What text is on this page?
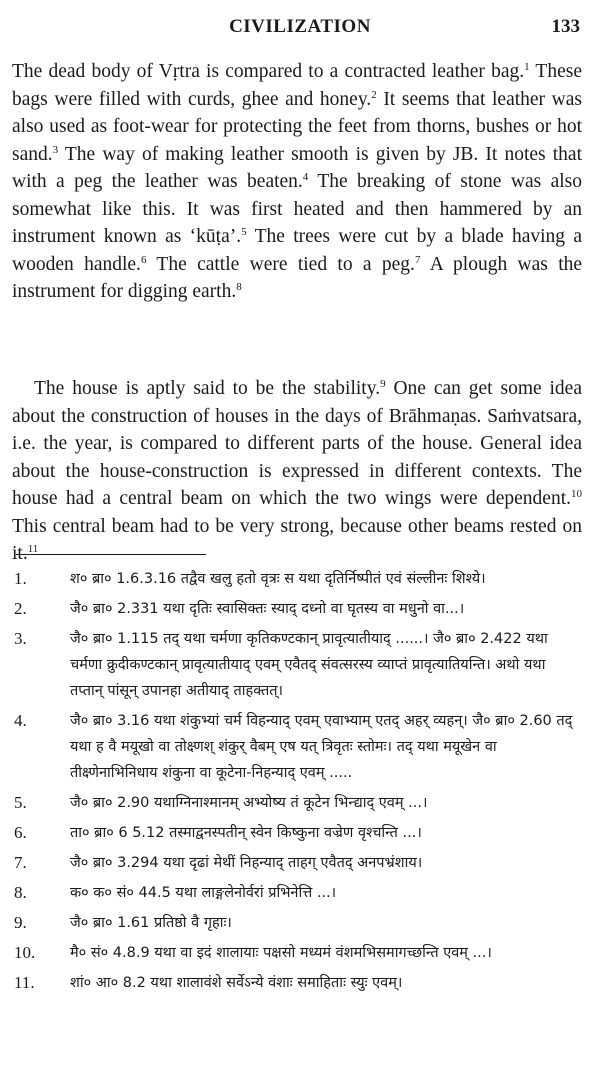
CIVILIZATION	133
The dead body of Vṛtra is compared to a contracted leather bag.$^1$ These bags were filled with curds, ghee and honey.$^2$ It seems that leather was also used as foot-wear for protecting the feet from thorns, bushes or hot sand.$^3$ The way of making leather smooth is given by JB. It notes that with a peg the leather was beaten.$^4$ The breaking of stone was also somewhat like this. It was first heated and then hammered by an instrument known as ‘kūṭa’.$^5$ The trees were cut by a blade having a wooden handle.$^6$ The cattle were tied to a peg.$^7$ A plough was the instrument for digging earth.$^8$
The house is aptly said to be the stability.$^9$ One can get some idea about the construction of houses in the days of Brāhmaṇas. Saṁvatsara, i.e. the year, is compared to different parts of the house. General idea about the house-construction is expressed in different contexts. The house had a central beam on which the two wings were dependent.$^{10}$ This central beam had to be very strong, because other beams rested on it.$^{11}$
1.	श० ब्रा० 1.6.3.16 तद्वैव खलु हतो वृत्रः स यथा दृतिर्निष्पीतं एवं संल्लीनः शिश्ये।
2.	जै० ब्रा० 2.331 यथा दृतिः स्वासिक्तः स्याद् दध्नो वा घृतस्य वा मधुनो वा...।
3.	जै० ब्रा० 1.115 तद् यथा चर्मणा कृतिकण्टकान् प्रावृत्यातीयाद् ......। जै० ब्रा० 2.422 यथा चर्मणा क्रुदीकण्टकान् प्रावृत्यातीयाद् एवम् एवैतद् संवत्सरस्य व्याप्तं प्रावृत्यातियन्ति। अथो यथा तप्तान् पांसून् उपानहा अतीयाद् ताहक्तत्।
4.	जै० ब्रा० 3.16 यथा शंकुभ्यां चर्म विहन्याद् एवम् एवाभ्याम् एतद् अहर् व्यहन्। जै० ब्रा० 2.60 तद् यथा ह वै मयूखो वा तोक्ष्णश् शंकुर् वैबम् एष यत् त्रिवृतः स्तोमः। तद् यथा मयूखेन वा तीक्ष्णेनाभिनिधाय शंकुना वा कूटेना-निहन्याद् एवम् .....
5.	जै० ब्रा० 2.90 यथाग्निनाश्मानम् अभ्योष्य तं कूटेन भिन्द्याद् एवम् ...।
6.	ता० ब्रा० 6 5.12 तस्माद्वनस्पतीन् स्वेन किष्कुना वज्रेण वृश्चन्ति ...।
7.	जै० ब्रा० 3.294 यथा दृढां मेथीं निहन्याद् ताहग् एवैतद् अनपभ्रंशाय।
8.	क० क० सं० 44.5 यथा लाङ्गलेनोर्वरां प्रभिनेत्ति ...।
9.	जै० ब्रा० 1.61 प्रतिष्ठो वै गृहाः।
10.	मै० सं० 4.8.9 यथा वा इदं शालायाः पक्षसो मध्यमं वंशमभिसमागच्छन्ति एवम् ...।
11.	शां० आ० 8.2 यथा शालावंशे सर्वेऽन्ये वंशाः समाहिताः स्युः एवम्।
